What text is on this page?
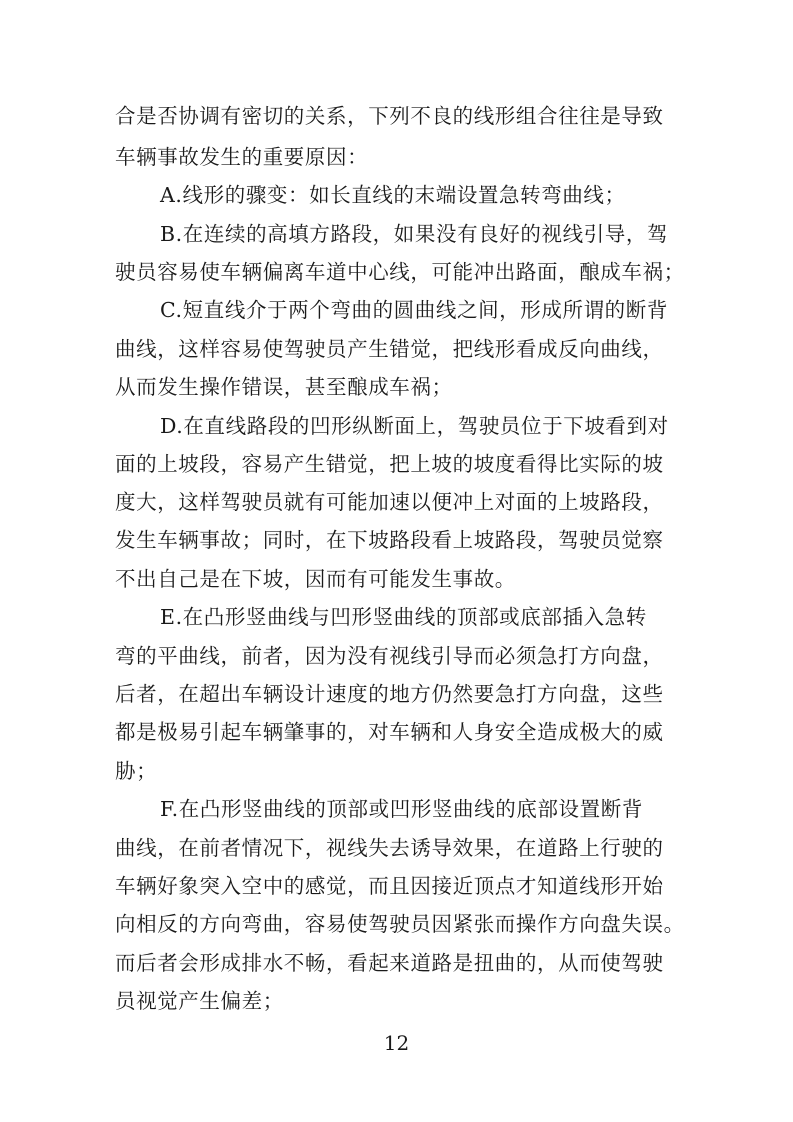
合是否协调有密切的关系，下列不良的线形组合往往是导致
车辆事故发生的重要原因：
A.线形的骤变：如长直线的末端设置急转弯曲线；
B.在连续的高填方路段，如果没有良好的视线引导，驾
驶员容易使车辆偏离车道中心线，可能冲出路面，酿成车祸；
C.短直线介于两个弯曲的圆曲线之间，形成所谓的断背
曲线，这样容易使驾驶员产生错觉，把线形看成反向曲线，
从而发生操作错误，甚至酿成车祸；
D.在直线路段的凹形纵断面上，驾驶员位于下坡看到对
面的上坡段，容易产生错觉，把上坡的坡度看得比实际的坡
度大，这样驾驶员就有可能加速以便冲上对面的上坡路段，
发生车辆事故；同时，在下坡路段看上坡路段，驾驶员觉察
不出自己是在下坡，因而有可能发生事故。
E.在凸形竖曲线与凹形竖曲线的顶部或底部插入急转
弯的平曲线，前者，因为没有视线引导而必须急打方向盘，
后者，在超出车辆设计速度的地方仍然要急打方向盘，这些
都是极易引起车辆肇事的，对车辆和人身安全造成极大的威
胁；
F.在凸形竖曲线的顶部或凹形竖曲线的底部设置断背
曲线，在前者情况下，视线失去诱导效果，在道路上行驶的
车辆好象突入空中的感觉，而且因接近顶点才知道线形开始
向相反的方向弯曲，容易使驾驶员因紧张而操作方向盘失误。
而后者会形成排水不畅，看起来道路是扭曲的，从而使驾驶
员视觉产生偏差；
12
